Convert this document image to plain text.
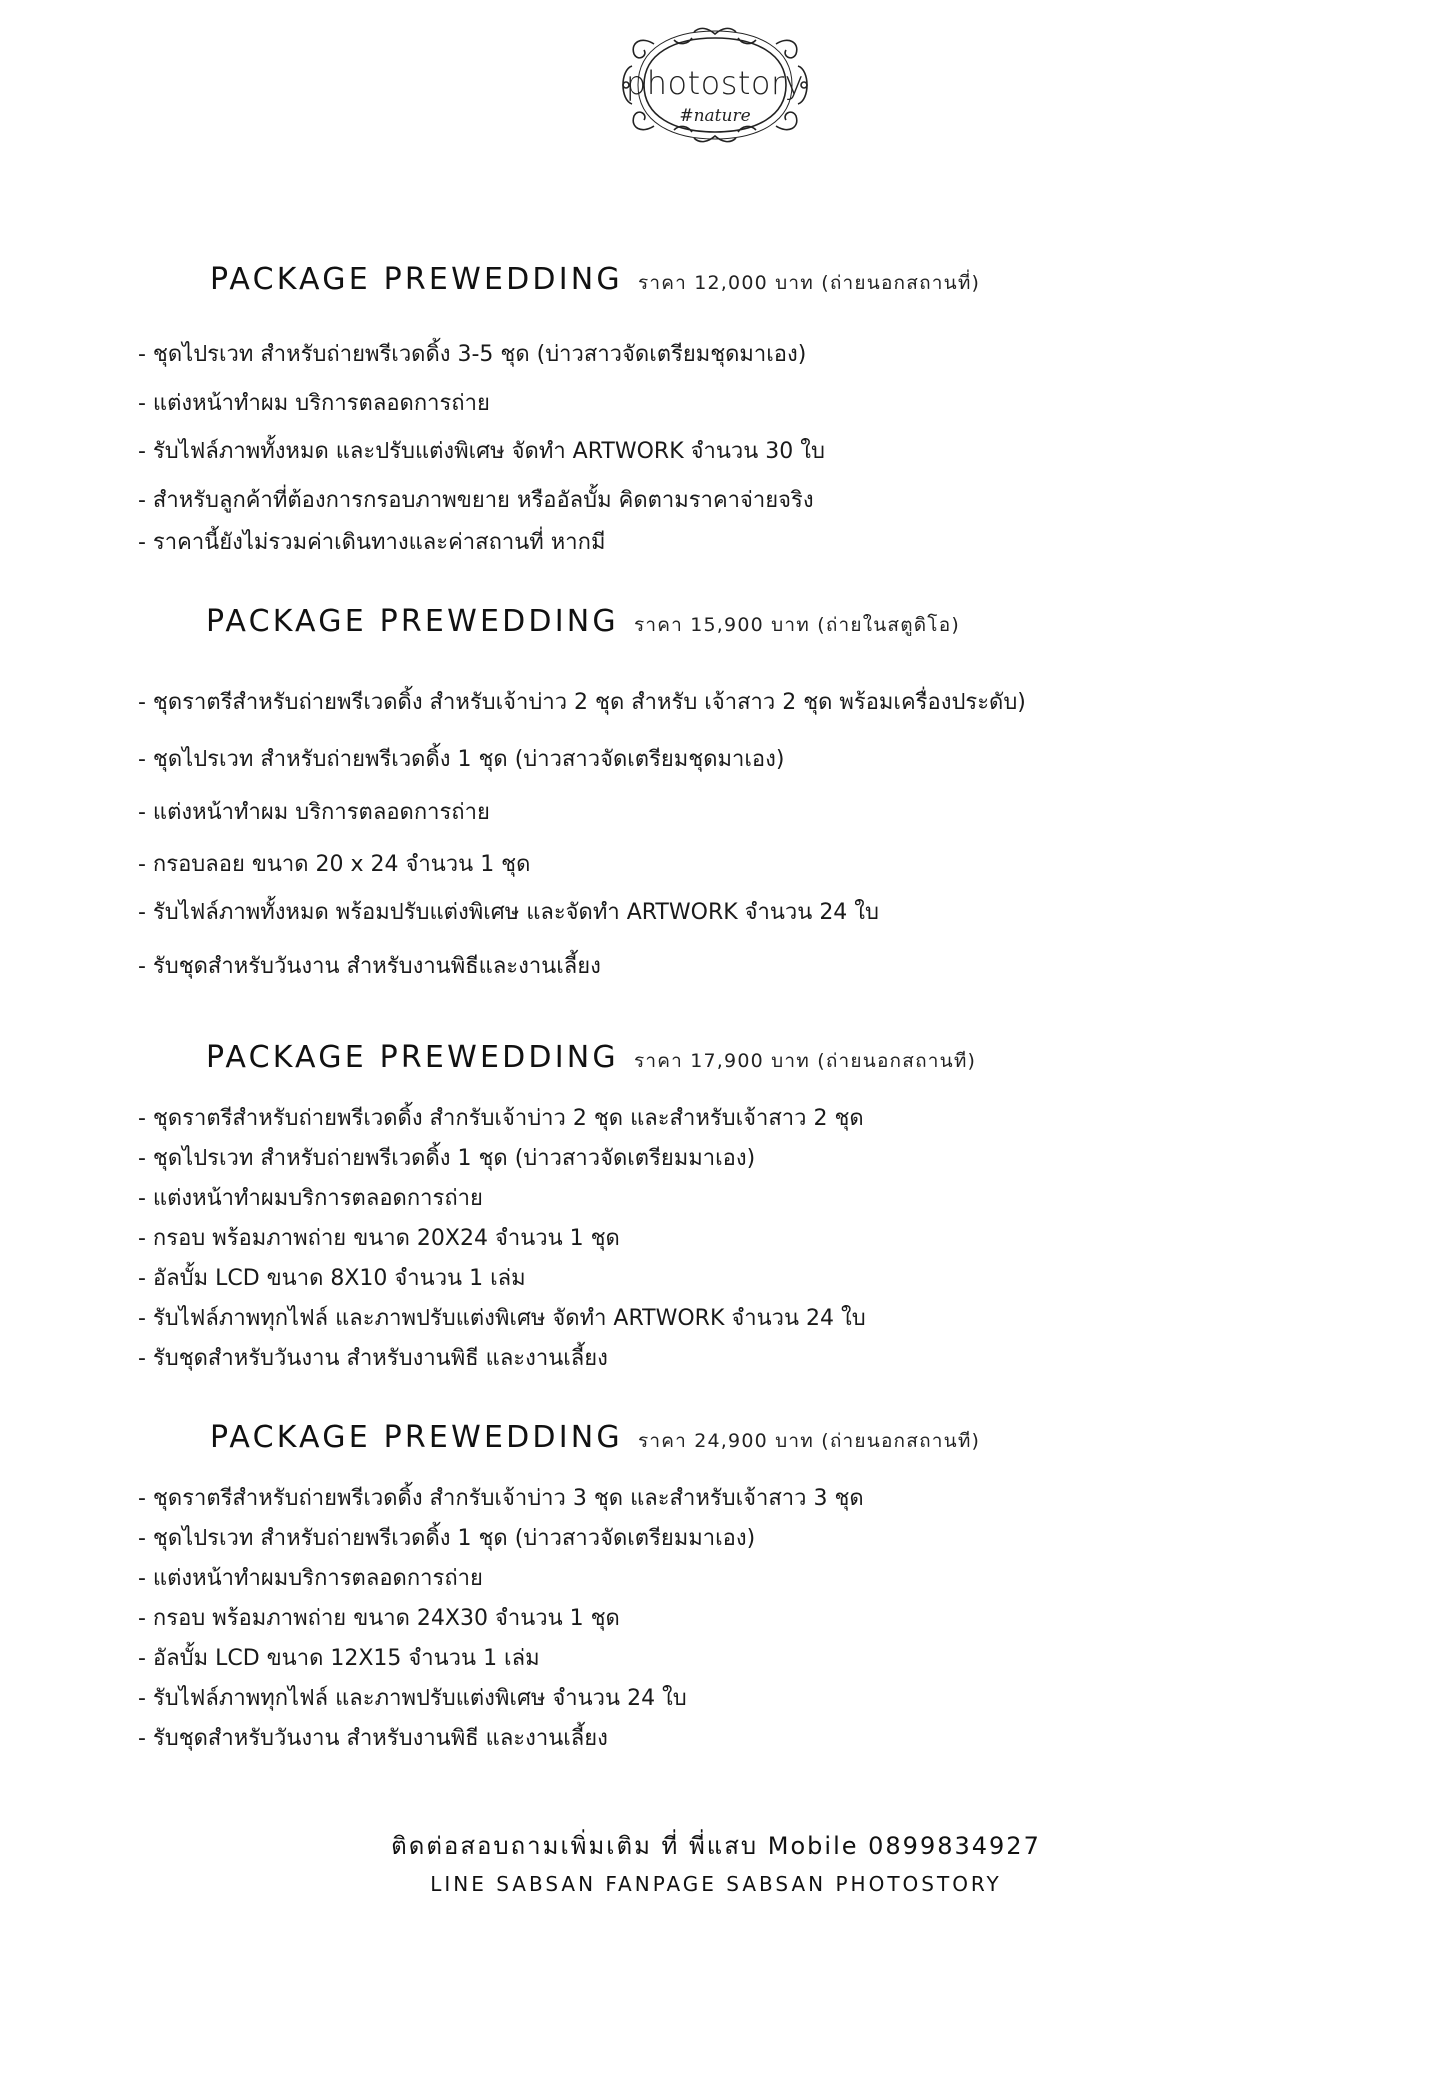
photostory
#nature
PACKAGE PREWEDDING ราคา 12,000 บาท (ถ่ายนอกสถานที่)
- ชุดไปรเวท สำหรับถ่ายพรีเวดดิ้ง 3-5 ชุด (บ่าวสาวจัดเตรียมชุดมาเอง)
- แต่งหน้าทำผม บริการตลอดการถ่าย
- รับไฟล์ภาพทั้งหมด และปรับแต่งพิเศษ จัดทำ ARTWORK จำนวน 30 ใบ
- สำหรับลูกค้าที่ต้องการกรอบภาพขยาย หรืออัลบั้ม คิดตามราคาจ่ายจริง
- ราคานี้ยังไม่รวมค่าเดินทางและค่าสถานที่ หากมี
PACKAGE PREWEDDING ราคา 15,900 บาท (ถ่ายในสตูดิโอ)
- ชุดราตรีสำหรับถ่ายพรีเวดดิ้ง สำหรับเจ้าบ่าว 2 ชุด สำหรับ เจ้าสาว 2 ชุด พร้อมเครื่องประดับ)
- ชุดไปรเวท สำหรับถ่ายพรีเวดดิ้ง 1 ชุด (บ่าวสาวจัดเตรียมชุดมาเอง)
- แต่งหน้าทำผม บริการตลอดการถ่าย
- กรอบลอย ขนาด 20 x 24 จำนวน 1 ชุด
- รับไฟล์ภาพทั้งหมด พร้อมปรับแต่งพิเศษ และจัดทำ ARTWORK จำนวน 24 ใบ
- รับชุดสำหรับวันงาน สำหรับงานพิธีและงานเลี้ยง
PACKAGE PREWEDDING ราคา 17,900 บาท (ถ่ายนอกสถานที)
- ชุดราตรีสำหรับถ่ายพรีเวดดิ้ง สำกรับเจ้าบ่าว 2 ชุด และสำหรับเจ้าสาว 2 ชุด
- ชุดไปรเวท สำหรับถ่ายพรีเวดดิ้ง 1 ชุด (บ่าวสาวจัดเตรียมมาเอง)
- แต่งหน้าทำผมบริการตลอดการถ่าย
- กรอบ พร้อมภาพถ่าย ขนาด 20X24 จำนวน 1 ชุด
- อัลบั้ม LCD ขนาด 8X10 จำนวน 1 เล่ม
- รับไฟล์ภาพทุกไฟล์ และภาพปรับแต่งพิเศษ จัดทำ ARTWORK จำนวน 24 ใบ
- รับชุดสำหรับวันงาน สำหรับงานพิธี และงานเลี้ยง
PACKAGE PREWEDDING ราคา 24,900 บาท (ถ่ายนอกสถานที)
- ชุดราตรีสำหรับถ่ายพรีเวดดิ้ง สำกรับเจ้าบ่าว 3 ชุด และสำหรับเจ้าสาว 3 ชุด
- ชุดไปรเวท สำหรับถ่ายพรีเวดดิ้ง 1 ชุด (บ่าวสาวจัดเตรียมมาเอง)
- แต่งหน้าทำผมบริการตลอดการถ่าย
- กรอบ พร้อมภาพถ่าย ขนาด 24X30 จำนวน 1 ชุด
- อัลบั้ม LCD ขนาด 12X15 จำนวน 1 เล่ม
- รับไฟล์ภาพทุกไฟล์ และภาพปรับแต่งพิเศษ จำนวน 24 ใบ
- รับชุดสำหรับวันงาน สำหรับงานพิธี และงานเลี้ยง
ติดต่อสอบถามเพิ่มเติม ที่ พี่แสบ Mobile 0899834927
LINE SABSAN FANPAGE SABSAN PHOTOSTORY
